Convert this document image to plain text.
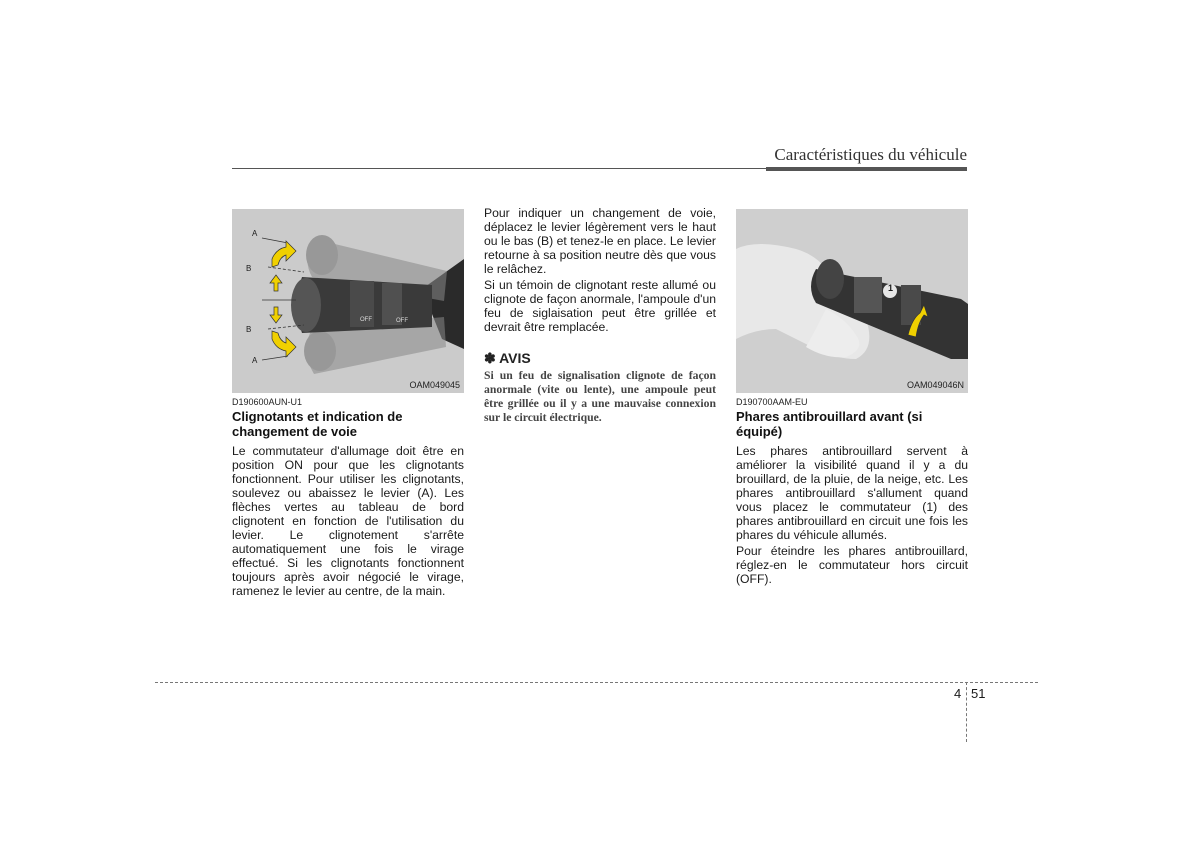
Caractéristiques du véhicule
OFF	OFF
A
B
B
A
OAM049045
D190600AUN-U1
Clignotants et indication de changement de voie

Le commutateur d'allumage doit être en position ON pour que les clignotants fonctionnent. Pour utiliser les clignotants, soulevez ou abaissez le levier (A). Les flèches vertes au tableau de bord clignotent en fonction de l'utilisation du levier. Le clignotement s'arrête automatiquement une fois le virage effectué. Si les clignotants fonctionnent toujours après avoir négocié le virage, ramenez le levier au centre, de la main.

Pour indiquer un changement de voie, déplacez le levier légèrement vers le haut ou le bas (B) et tenez-le en place. Le levier retourne à sa position neutre dès que vous le relâchez.

Si un témoin de clignotant reste allumé ou clignote de façon anormale, l'ampoule d'un feu de siglaisation peut être grillée et devrait être remplacée.

✽ AVIS
Si un feu de signalisation clignote de façon anormale (vite ou lente), une ampoule peut être grillée ou il y a une mauvaise connexion sur le circuit électrique.
1
OAM049046N
D190700AAM-EU
Phares antibrouillard avant (si équipé)

Les phares antibrouillard servent à améliorer la visibilité quand il y a du brouillard, de la pluie, de la neige, etc. Les phares antibrouillard s'allument quand vous placez le commutateur (1) des phares antibrouillard en circuit une fois les phares du véhicule allumés.

Pour éteindre les phares antibrouillard, réglez-en le commutateur hors circuit (OFF).

4 51
